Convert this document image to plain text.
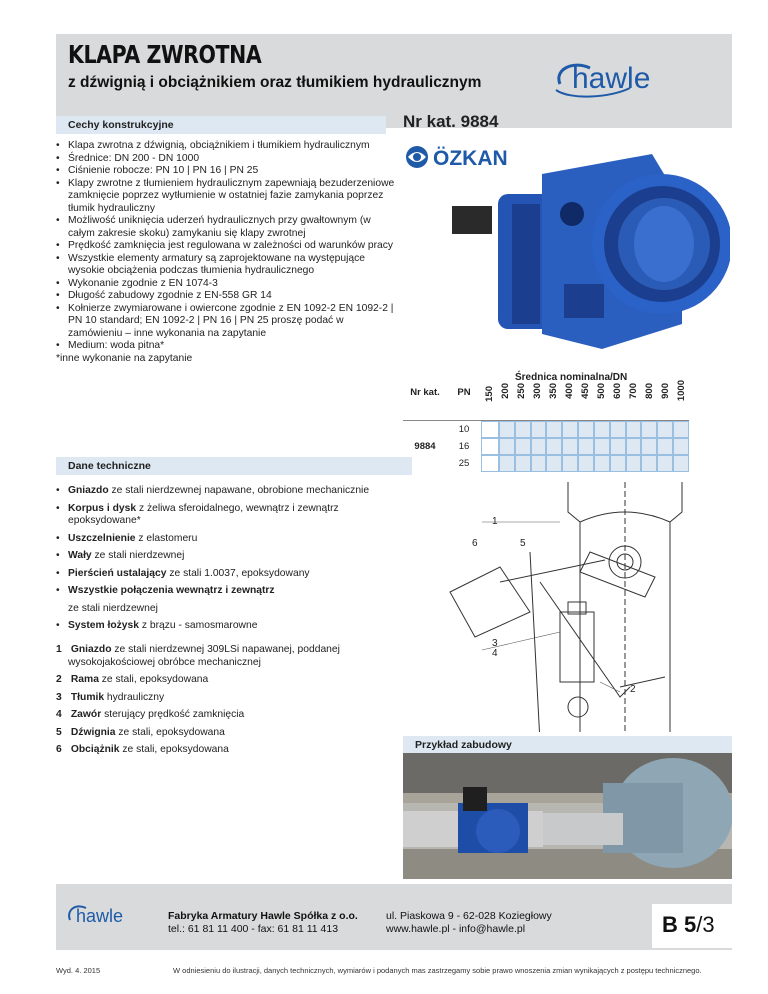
KLAPA ZWROTNA
z dźwignią i obciążnikiem oraz tłumikiem hydraulicznym	hawle
Cechy konstrukcyjne	Nr kat. 9884
• Klapa zwrotna z dźwignią, obciążnikiem i tłumikiem hydraulicznym
• Średnice: DN 200 - DN 1000
• Ciśnienie robocze: PN 10 | PN 16 | PN 25
• Klapy zwrotne z tłumieniem hydraulicznym zapewniają bezuderzeniowe zamknięcie poprzez wytłumienie w ostatniej fazie zamykania poprzez tłumik hydrauliczny
• Możliwość uniknięcia uderzeń hydraulicznych przy gwałtownym (w całym zakresie skoku) zamykaniu się klapy zwrotnej
• Prędkość zamknięcia jest regulowana w zależności od warunków pracy
• Wszystkie elementy armatury są zaprojektowane na występujące wysokie obciążenia podczas tłumienia hydraulicznego
• Wykonanie zgodnie z EN 1074-3
• Długość zabudowy zgodnie z EN-558 GR 14
• Kołnierze zwymiarowane i owiercone zgodnie z EN 1092-2 EN 1092-2 | PN 10 standard; EN 1092-2 | PN 16 | PN 25 proszę podać w zamówieniu – inne wykonania na zapytanie
• Medium: woda pitna*
*inne wykonanie na zapytanie
ÖZKAN
Średnica nominalna/DN
Nr kat.	PN	150	200	250	300	350	400	450	500	600	700	800	900	1000

9884	10													

	16													

	25													
Dane techniczne
• Gniazdo ze stali nierdzewnej napawane, obrobione mechanicznie
• Korpus i dysk z żeliwa sferoidalnego, wewnątrz i zewnątrz epoksydowane*
• Uszczelnienie z elastomeru
• Wały ze stali nierdzewnej
• Pierścień ustalający ze stali 1.0037, epoksydowany
• Wszystkie połączenia wewnątrz i zewnątrz
ze stali nierdzewnej
• System łożysk z brązu - samosmarowne
1 Gniazdo ze stali nierdzewnej 309LSi napawanej, poddanej wysokojakościowej obróbce mechanicznej
2 Rama ze stali, epoksydowana
3 Tłumik hydrauliczny
4 Zawór sterujący prędkość zamknięcia
5 Dźwignia ze stali, epoksydowana
6 Obciążnik ze stali, epoksydowana
1
2
3
4
5
6
Przykład zabudowy
hawle	Fabryka Armatury Hawle Spółka z o.o.
tel.: 61 81 11 400 - fax: 61 81 11 413
ul. Piaskowa 9 - 62-028 Koziegłowy
www.hawle.pl - info@hawle.pl	B 5/3
Wyd. 4. 2015	W odniesieniu do ilustracji, danych technicznych, wymiarów i podanych mas zastrzegamy sobie prawo wnoszenia zmian wynikających z postępu technicznego.
